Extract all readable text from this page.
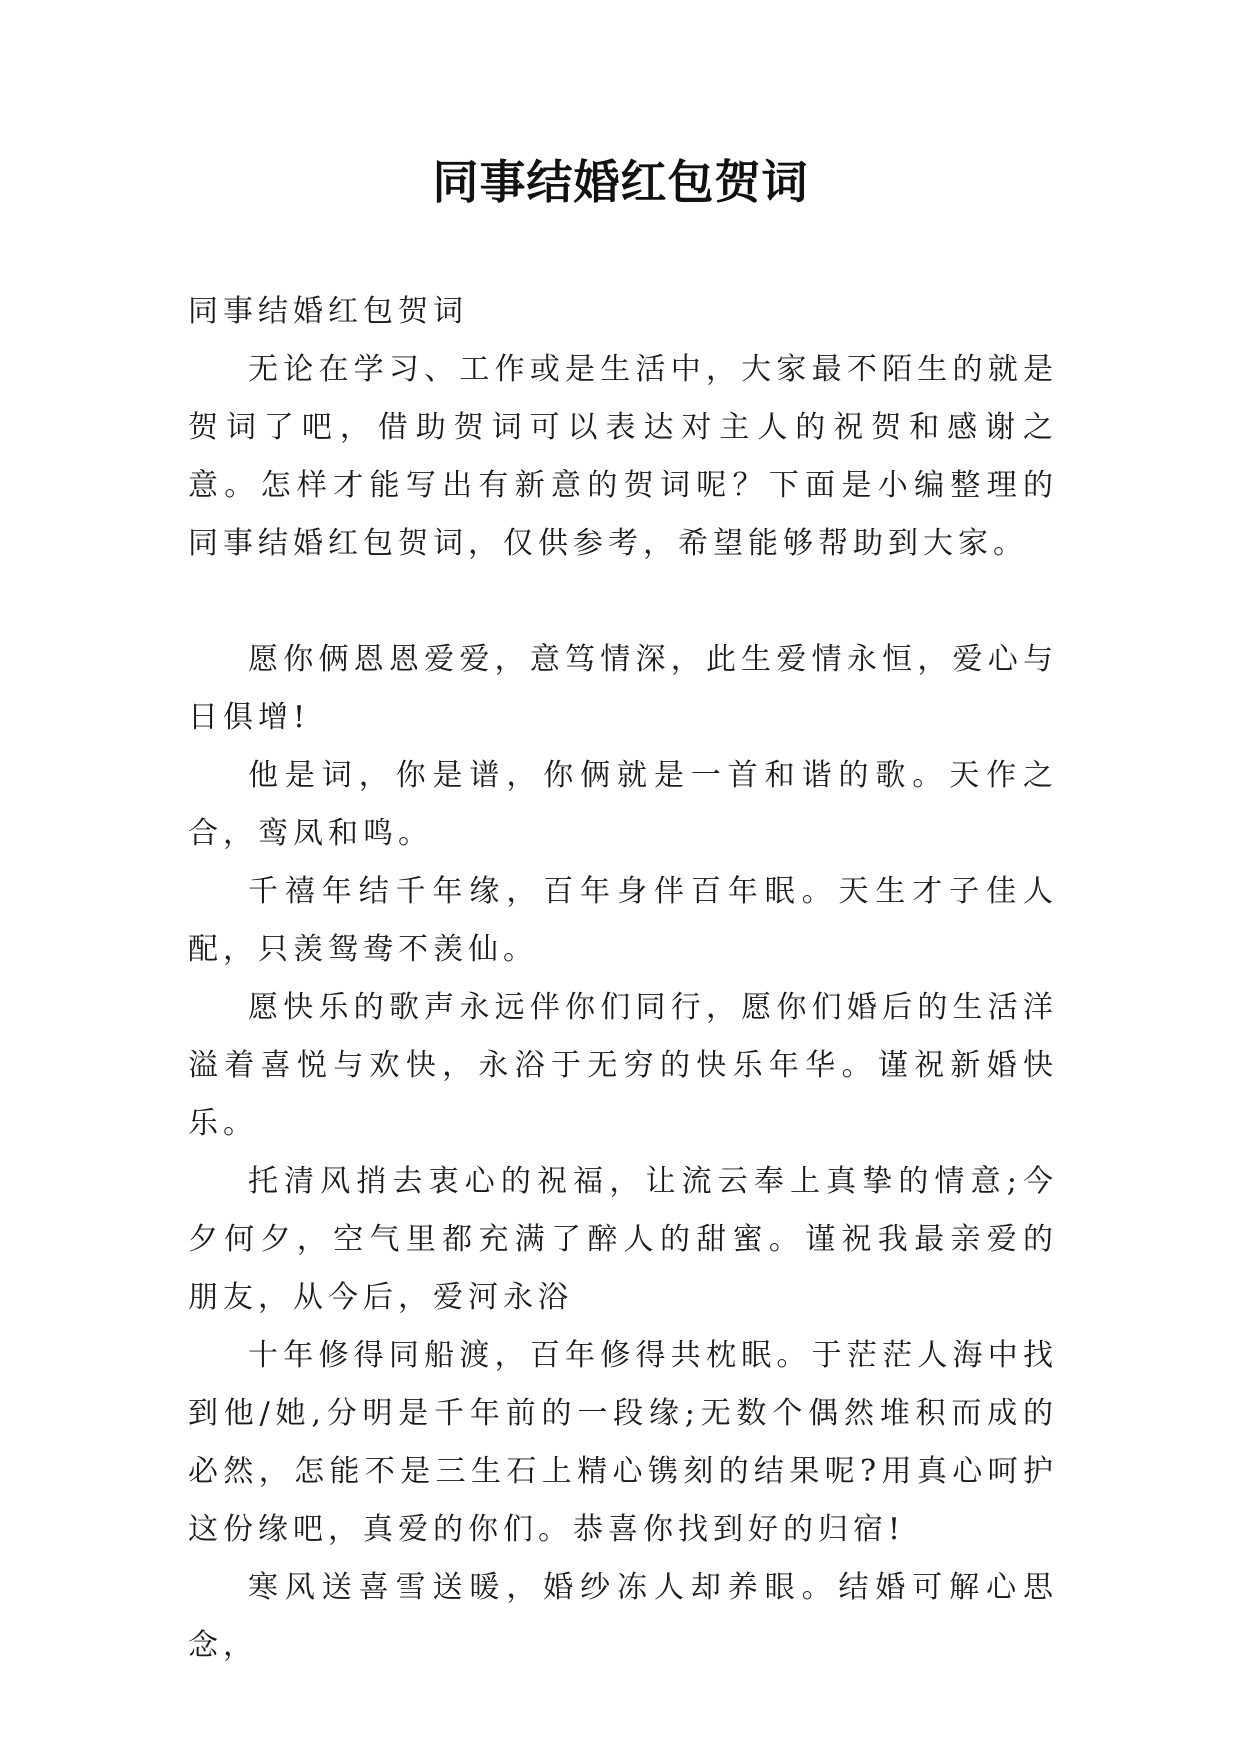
同事结婚红包贺词

同事结婚红包贺词

无论在学习、工作或是生活中，大家最不陌生的就是贺词了吧，借助贺词可以表达对主人的祝贺和感谢之意。怎样才能写出有新意的贺词呢？下面是小编整理的同事结婚红包贺词，仅供参考，希望能够帮助到大家。

愿你俩恩恩爱爱，意笃情深，此生爱情永恒，爱心与日俱增!

他是词，你是谱，你俩就是一首和谐的歌。天作之合，鸾凤和鸣。

千禧年结千年缘，百年身伴百年眠。天生才子佳人配，只羡鸳鸯不羡仙。

愿快乐的歌声永远伴你们同行，愿你们婚后的生活洋溢着喜悦与欢快，永浴于无穷的快乐年华。谨祝新婚快乐。

托清风捎去衷心的祝福，让流云奉上真挚的情意;今夕何夕，空气里都充满了醉人的甜蜜。谨祝我最亲爱的朋友，从今后，爱河永浴

十年修得同船渡，百年修得共枕眠。于茫茫人海中找到他/她,分明是千年前的一段缘;无数个偶然堆积而成的必然，怎能不是三生石上精心镌刻的结果呢?用真心呵护这份缘吧，真爱的你们。恭喜你找到好的归宿!

寒风送喜雪送暖，婚纱冻人却养眼。结婚可解心思念，
